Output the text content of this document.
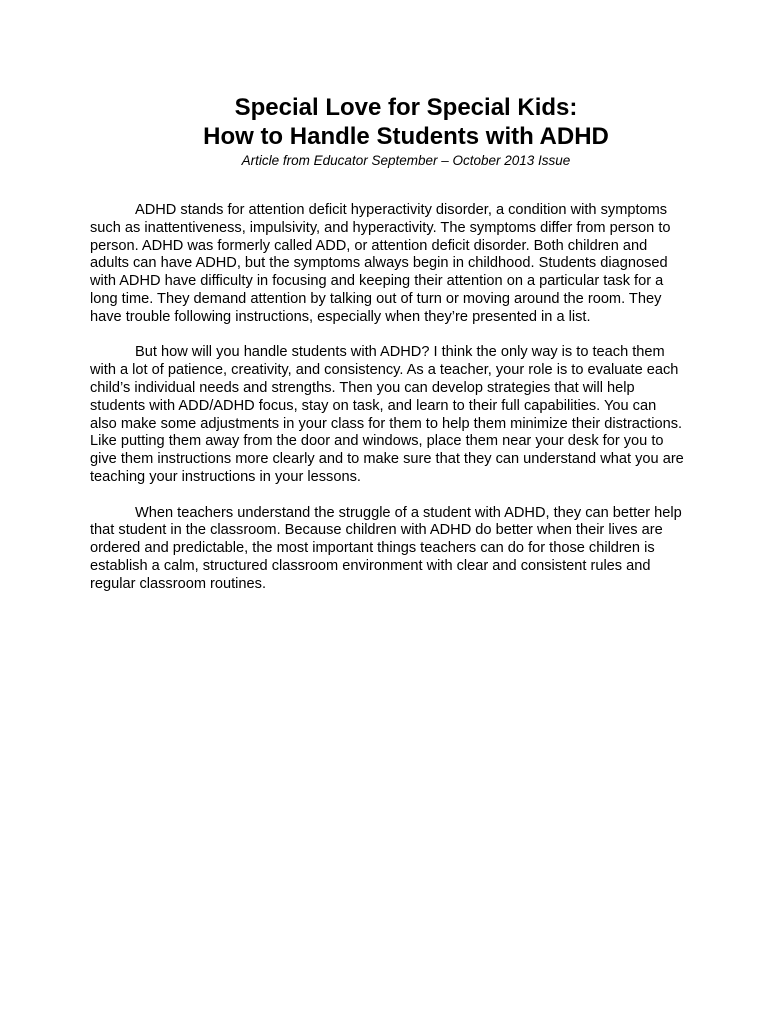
Special Love for Special Kids:
How to Handle Students with ADHD

Article from Educator September – October 2013 Issue

ADHD stands for attention deficit hyperactivity disorder, a condition with symptoms such as inattentiveness, impulsivity, and hyperactivity. The symptoms differ from person to person. ADHD was formerly called ADD, or attention deficit disorder. Both children and adults can have ADHD, but the symptoms always begin in childhood. Students diagnosed with ADHD have difficulty in focusing and keeping their attention on a particular task for a long time. They demand attention by talking out of turn or moving around the room. They have trouble following instructions, especially when they’re presented in a list.

But how will you handle students with ADHD? I think the only way is to teach them with a lot of patience, creativity, and consistency. As a teacher, your role is to evaluate each child’s individual needs and strengths. Then you can develop strategies that will help students with ADD/ADHD focus, stay on task, and learn to their full capabilities. You can also make some adjustments in your class for them to help them minimize their distractions. Like putting them away from the door and windows, place them near your desk for you to give them instructions more clearly and to make sure that they can understand what you are teaching your instructions in your lessons.

When teachers understand the struggle of a student with ADHD, they can better help that student in the classroom. Because children with ADHD do better when their lives are ordered and predictable, the most important things teachers can do for those children is establish a calm, structured classroom environment with clear and consistent rules and regular classroom routines.
